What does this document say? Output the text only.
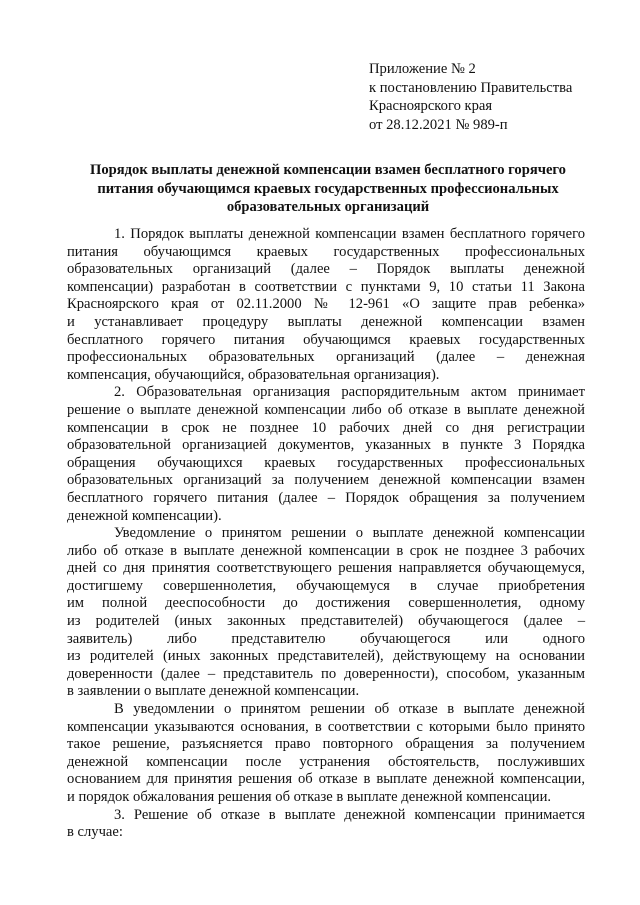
Приложение № 2
к постановлению Правительства
Красноярского края
от 28.12.2021 № 989-п
Порядок выплаты денежной компенсации взамен бесплатного горячего
питания обучающимся краевых государственных профессиональных
образовательных организаций
1. Порядок выплаты денежной компенсации взамен бесплатного горячего
питания обучающимся краевых государственных профессиональных
образовательных организаций (далее – Порядок выплаты денежной
компенсации) разработан в соответствии с пунктами 9, 10 статьи 11 Закона
Красноярского края от 02.11.2000 № 12-961 «О защите прав ребенка»
и устанавливает процедуру выплаты денежной компенсации взамен
бесплатного горячего питания обучающимся краевых государственных
профессиональных образовательных организаций (далее – денежная
компенсация, обучающийся, образовательная организация).
2. Образовательная организация распорядительным актом принимает
решение о выплате денежной компенсации либо об отказе в выплате денежной
компенсации в срок не позднее 10 рабочих дней со дня регистрации
образовательной организацией документов, указанных в пункте 3 Порядка
обращения обучающихся краевых государственных профессиональных
образовательных организаций за получением денежной компенсации взамен
бесплатного горячего питания (далее – Порядок обращения за получением
денежной компенсации).
Уведомление о принятом решении о выплате денежной компенсации
либо об отказе в выплате денежной компенсации в срок не позднее 3 рабочих
дней со дня принятия соответствующего решения направляется обучающемуся,
достигшему совершеннолетия, обучающемуся в случае приобретения
им полной дееспособности до достижения совершеннолетия, одному
из родителей (иных законных представителей) обучающегося (далее –
заявитель) либо представителю обучающегося или одного
из родителей (иных законных представителей), действующему на основании
доверенности (далее – представитель по доверенности), способом, указанным
в заявлении о выплате денежной компенсации.
В уведомлении о принятом решении об отказе в выплате денежной
компенсации указываются основания, в соответствии с которыми было принято
такое решение, разъясняется право повторного обращения за получением
денежной компенсации после устранения обстоятельств, послуживших
основанием для принятия решения об отказе в выплате денежной компенсации,
и порядок обжалования решения об отказе в выплате денежной компенсации.
3. Решение об отказе в выплате денежной компенсации принимается
в случае:
